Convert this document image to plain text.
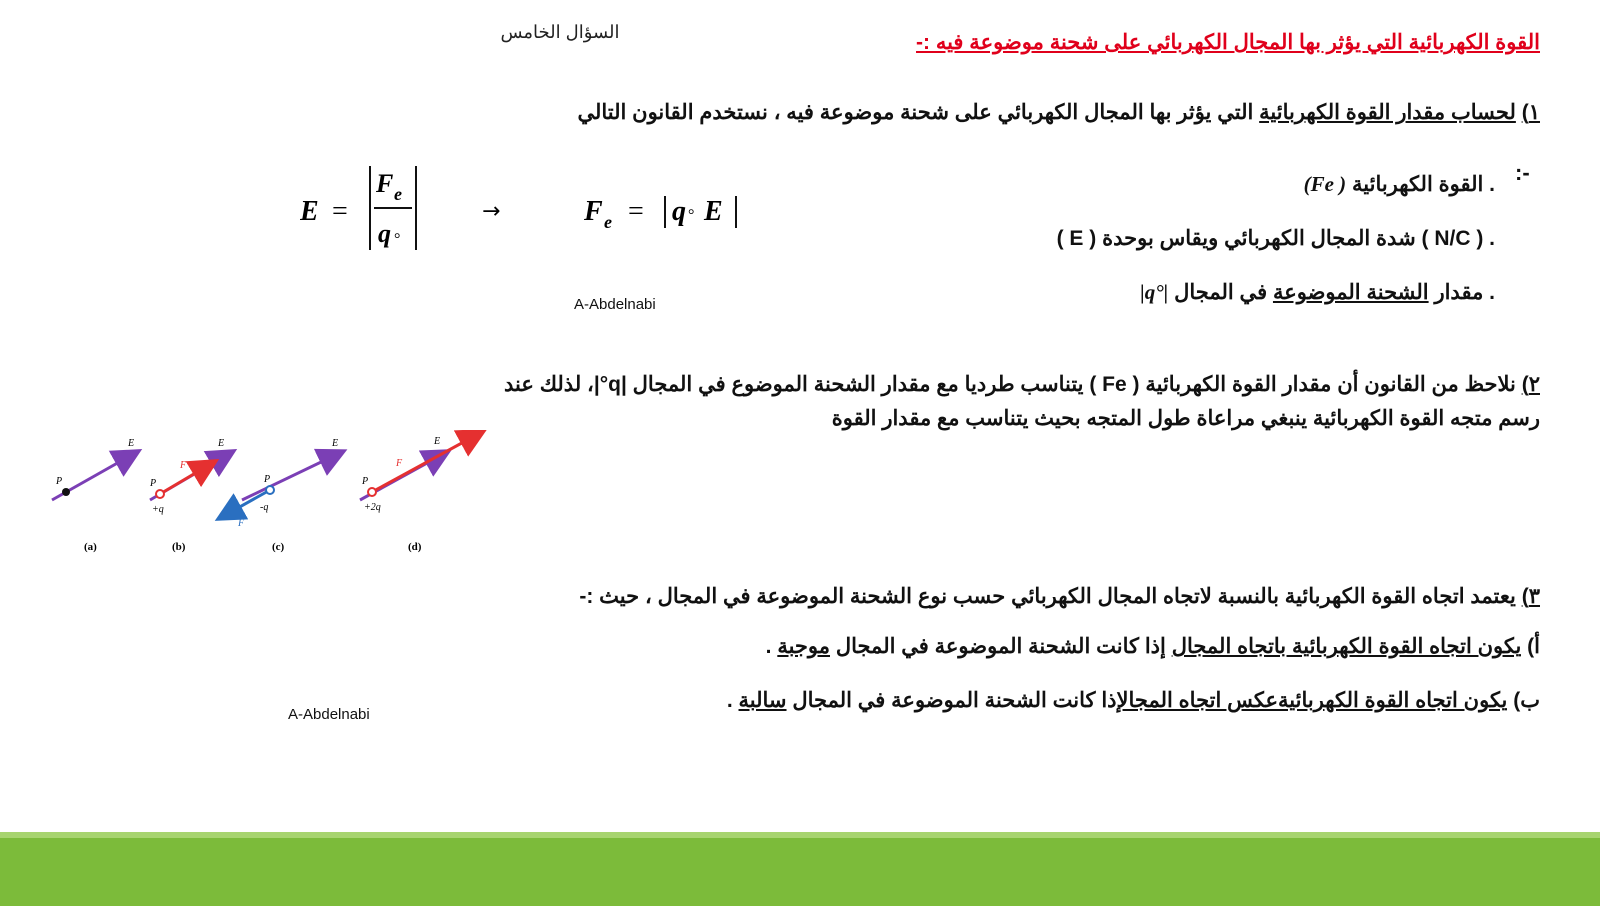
السؤال الخامس	القوة الكهربائية التي يؤثر بها المجال الكهربائي على شحنة موضوعة فيه :-
١) لحساب مقدار القوة الكهربائية التي يؤثر بها المجال الكهربائي على شحنة موضوعة فيه ، نستخدم القانون التالي
:-
E =
F e
q °
→	F e = q ° E
(Fe ) القوة الكهربائية .
( E ) شدة المجال الكهربائي ويقاس بوحدة ( N/C ) .
|q°|	مقدار الشحنة الموضوعة في المجال .
A-Abdelnabi
٢) نلاحظ من القانون أن مقدار القوة الكهربائية ( Fe ) يتناسب طرديا مع مقدار الشحنة الموضوع في المجال |q°|، لذلك عند
رسم متجه القوة الكهربائية ينبغي مراعاة طول المتجه بحيث يتناسب مع مقدار القوة
P
E
(a)
P
+q
F
E
(b)
P
-q
F
E
(c)
P
+2q
F
E
(d)
٣) يعتمد اتجاه القوة الكهربائية بالنسبة لاتجاه المجال الكهربائي حسب نوع الشحنة الموضوعة في المجال ، حيث :-
أ) يكون اتجاه القوة الكهربائية باتجاه المجال إذا كانت الشحنة الموضوعة في المجال موجبة .
ب) يكون اتجاه القوة الكهربائيةعكس اتجاه المجالإذا كانت الشحنة الموضوعة في المجال سالبة .
A-Abdelnabi
